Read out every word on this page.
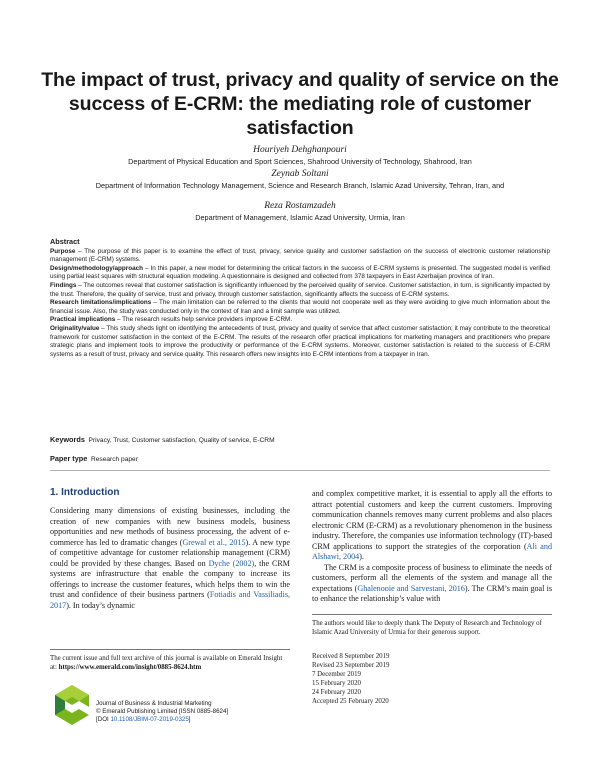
The impact of trust, privacy and quality of service on the success of E-CRM: the mediating role of customer satisfaction
Houriyeh Dehghanpouri
Department of Physical Education and Sport Sciences, Shahrood University of Technology, Shahrood, Iran
Zeynab Soltani
Department of Information Technology Management, Science and Research Branch, Islamic Azad University, Tehran, Iran, and
Reza Rostamzadeh
Department of Management, Islamic Azad University, Urmia, Iran
Abstract

Purpose – The purpose of this paper is to examine the effect of trust, privacy, service quality and customer satisfaction on the success of electronic customer relationship management (E-CRM) systems.

Design/methodology/approach – In this paper, a new model for determining the critical factors in the success of E-CRM systems is presented. The suggested model is verified using partial least squares with structural equation modeling. A questionnaire is designed and collected from 378 taxpayers in East Azerbaijan province of Iran.

Findings – The outcomes reveal that customer satisfaction is significantly influenced by the perceived quality of service. Customer satisfaction, in turn, is significantly impacted by the trust. Therefore, the quality of service, trust and privacy, through customer satisfaction, significantly affects the success of E-CRM systems.

Research limitations/implications – The main limitation can be referred to the clients that would not cooperate well as they were avoiding to give much information about the financial issue. Also, the study was conducted only in the context of Iran and a limit sample was utilized.

Practical implications – The research results help service providers improve E-CRM.

Originality/value – This study sheds light on identifying the antecedents of trust, privacy and quality of service that affect customer satisfaction; it may contribute to the theoretical framework for customer satisfaction in the context of the E-CRM. The results of the research offer practical implications for marketing managers and practitioners who prepare strategic plans and implement tools to improve the productivity or performance of the E-CRM systems. Moreover, customer satisfaction is related to the success of E-CRM systems as a result of trust, privacy and service quality. This research offers new insights into E-CRM intentions from a taxpayer in Iran.

Keywords Privacy, Trust, Customer satisfaction, Quality of service, E-CRM
Paper type Research paper
1. Introduction

Considering many dimensions of existing businesses, including the creation of new companies with new business models, business opportunities and new methods of business processing, the advent of e-commerce has led to dramatic changes (Grewal et al., 2015). A new type of competitive advantage for customer relationship management (CRM) could be provided by these changes. Based on Dyche (2002), the CRM systems are infrastructure that enable the company to increase its offerings to increase the customer features, which helps them to win the trust and confidence of their business partners (Fotiadis and Vassiliadis, 2017). In today’s dynamic

and complex competitive market, it is essential to apply all the efforts to attract potential customers and keep the current customers. Improving communication channels removes many current problems and also places electronic CRM (E-CRM) as a revolutionary phenomenon in the business industry. Therefore, the companies use information technology (IT)-based CRM applications to support the strategies of the corporation (Ali and Alshawi, 2004).

The CRM is a composite process of business to eliminate the needs of customers, perform all the elements of the system and manage all the expectations (Ghalenooie and Sarvestani, 2016). The CRM’s main goal is to enhance the relationship’s value with

The current issue and full text archive of this journal is available on Emerald Insight at: https://www.emerald.com/insight/0885-8624.htm
The authors would like to deeply thank The Deputy of Research and Technology of Islamic Azad University of Urmia for their generous support.
Received 8 September 2019
Revised 23 September 2019
7 December 2019
15 February 2020
24 February 2020
Accepted 25 February 2020
Journal of Business & Industrial Marketing
© Emerald Publishing Limited [ISSN 0885-8624]
[DOI 10.1108/JBIM-07-2019-0325]
